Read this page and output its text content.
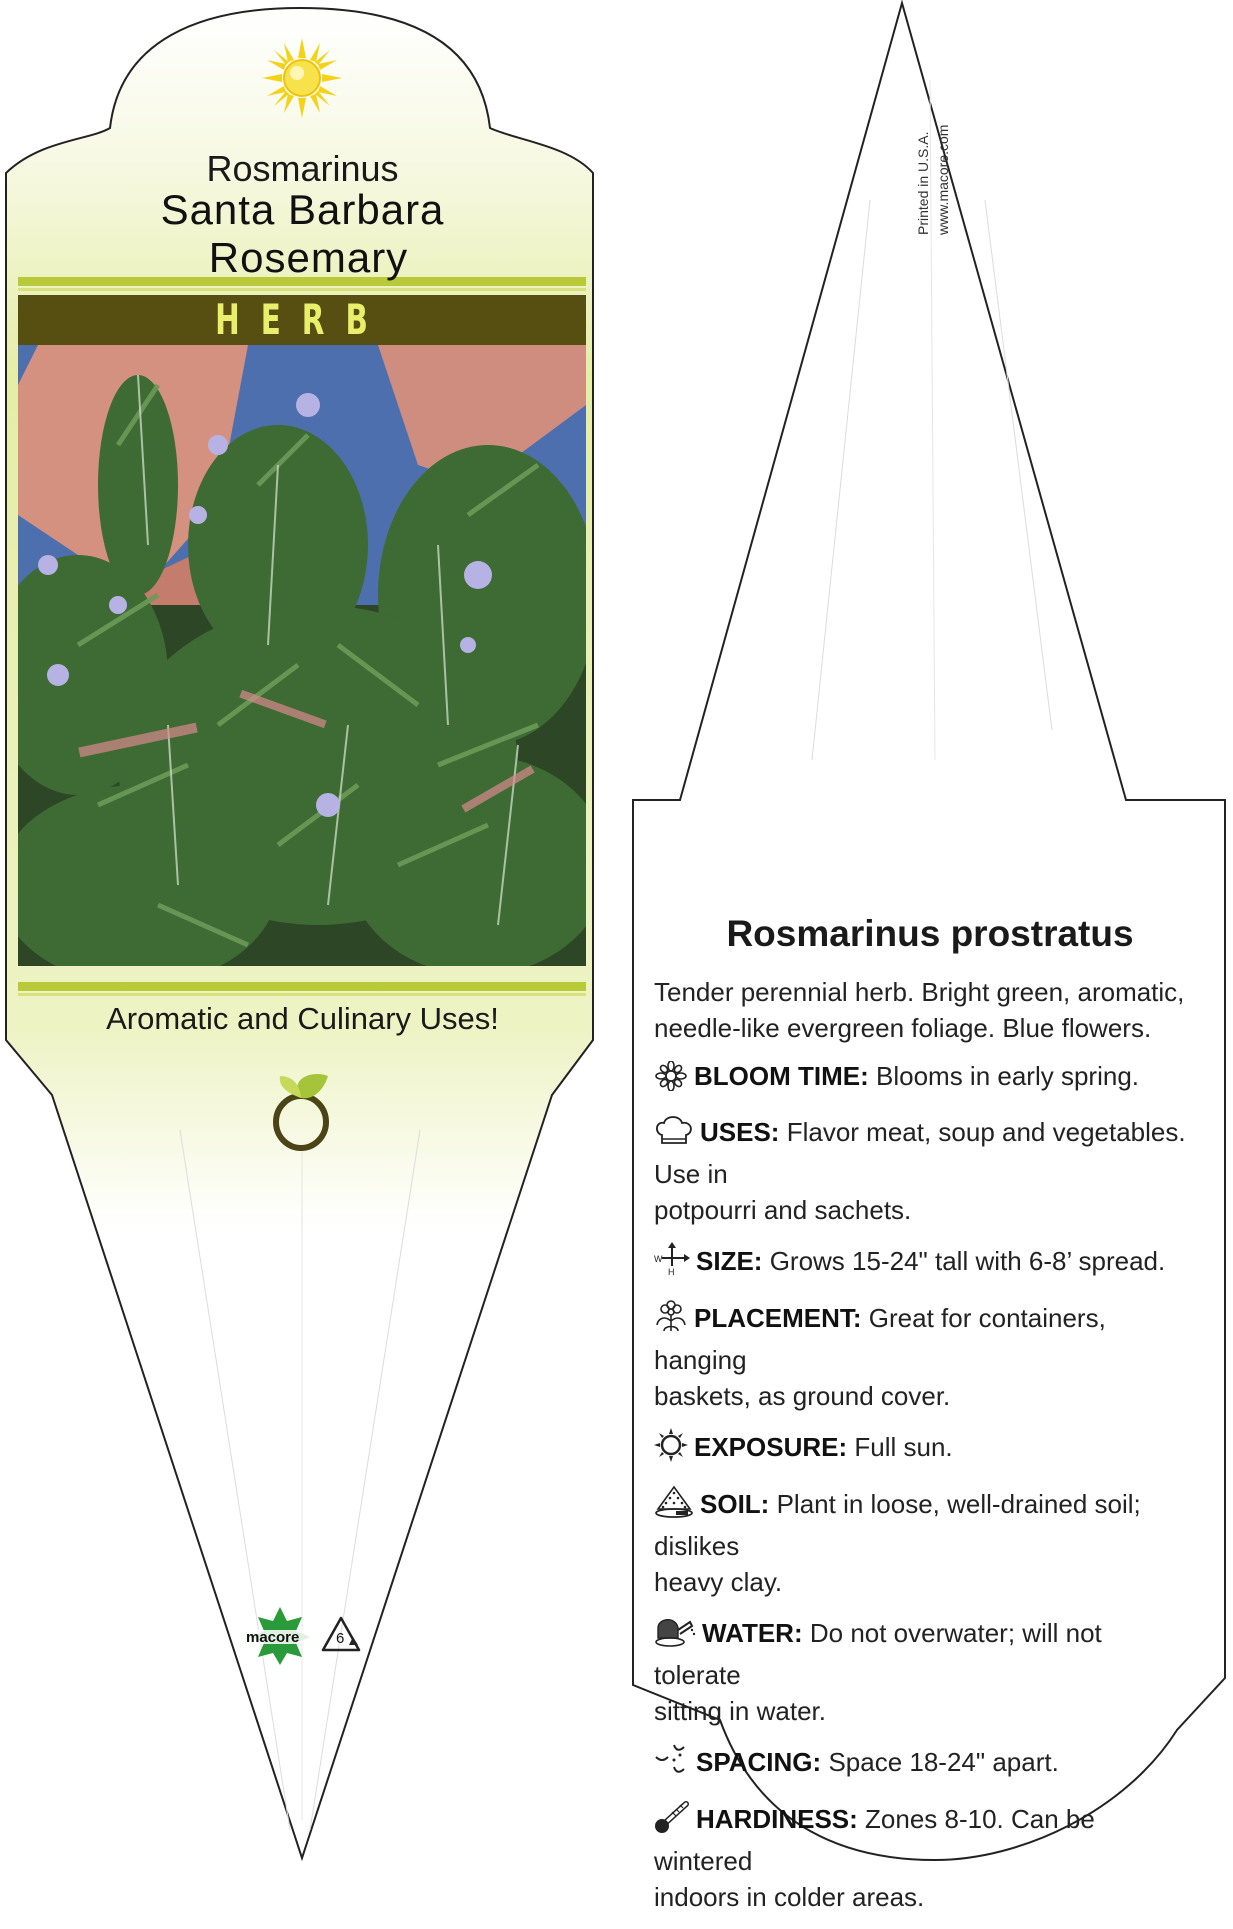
Rosmarinus
Santa Barbara
Rosemary
HERB
Aromatic and Culinary Uses!
macore 6
Printed in U.S.A. www.macore.com
Rosmarinus prostratus
Tender perennial herb. Bright green, aromatic,
needle-like evergreen foliage. Blue flowers.
BLOOM TIME: Blooms in early spring.
USES: Flavor meat, soup and vegetables. Use in
potpourri and sachets.
W
H SIZE: Grows 15-24" tall with 6-8’ spread.
PLACEMENT: Great for containers, hanging
baskets, as ground cover.
EXPOSURE: Full sun.
SOIL: Plant in loose, well-drained soil; dislikes
heavy clay.
WATER: Do not overwater; will not tolerate
sitting in water.
SPACING: Space 18-24" apart.
HARDINESS: Zones 8-10. Can be wintered
indoors in colder areas.
